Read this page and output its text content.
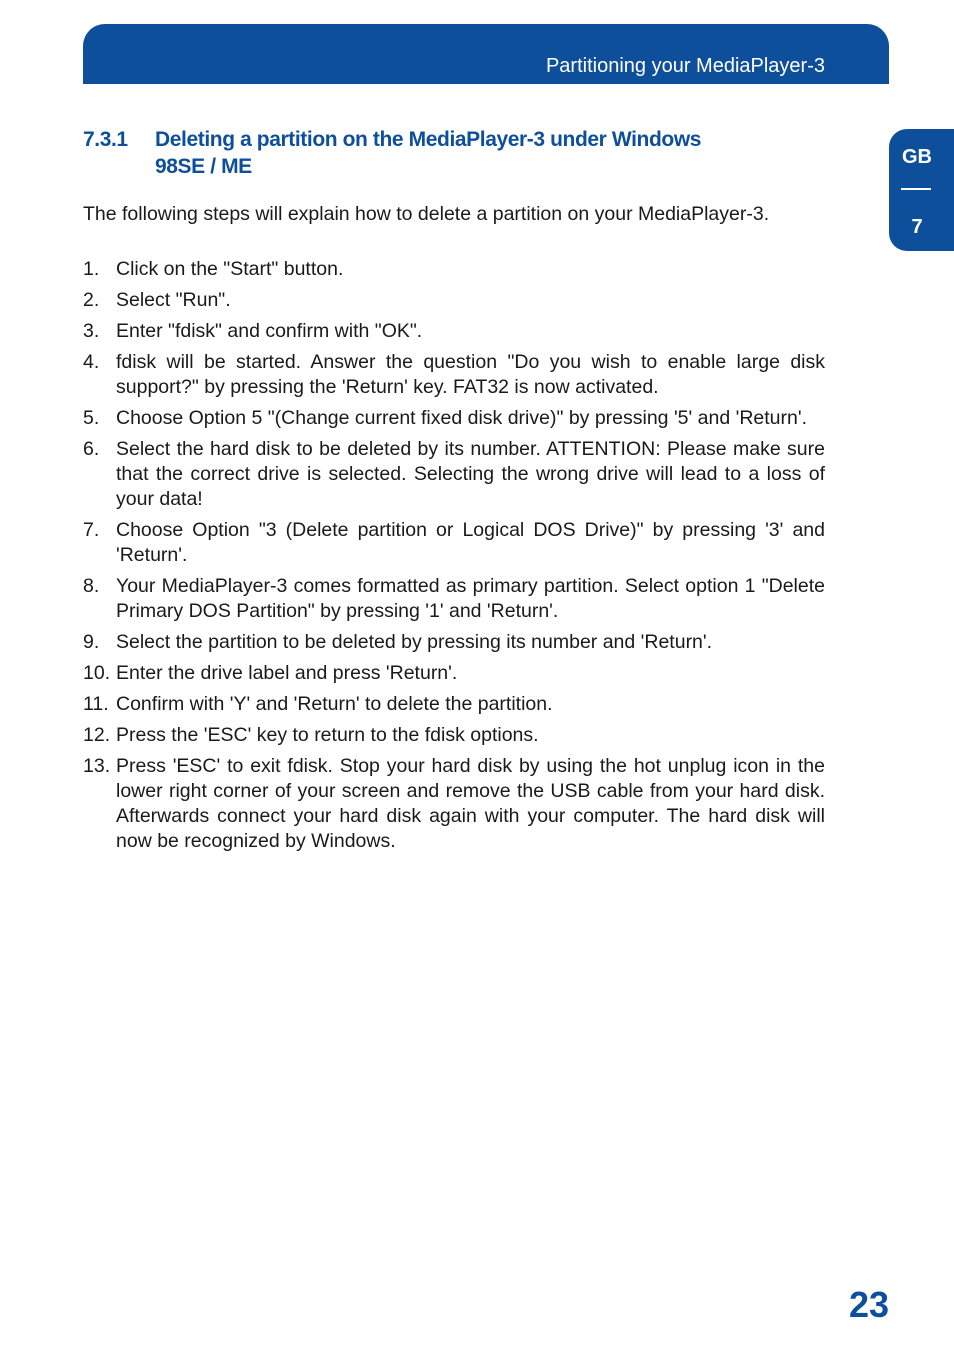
Partitioning your MediaPlayer-3
GB
7
7.3.1 Deleting a partition on the MediaPlayer-3 under Windows
98SE / ME

The following steps will explain how to delete a partition on your MediaPlayer-3.

1. Click on the "Start" button.
2. Select "Run".
3. Enter "fdisk" and confirm with "OK".
4. fdisk will be started. Answer the question "Do you wish to enable large disk support?" by pressing the 'Return' key. FAT32 is now activated.
5. Choose Option 5 "(Change current fixed disk drive)" by pressing '5' and 'Return'.
6. Select the hard disk to be deleted by its number. ATTENTION: Please make sure that the correct drive is selected. Selecting the wrong drive will lead to a loss of your data!
7. Choose Option "3 (Delete partition or Logical DOS Drive)" by pressing '3' and 'Return'.
8. Your MediaPlayer-3 comes formatted as primary partition. Select option 1 "Delete Primary DOS Partition" by pressing '1' and 'Return'.
9. Select the partition to be deleted by pressing its number and 'Return'.
10. Enter the drive label and press 'Return'.
11. Confirm with 'Y' and 'Return' to delete the partition.
12. Press the 'ESC' key to return to the fdisk options.
13. Press 'ESC' to exit fdisk. Stop your hard disk by using the hot unplug icon in the lower right corner of your screen and remove the USB cable from your hard disk. Afterwards connect your hard disk again with your computer. The hard disk will now be recognized by Windows.
23
